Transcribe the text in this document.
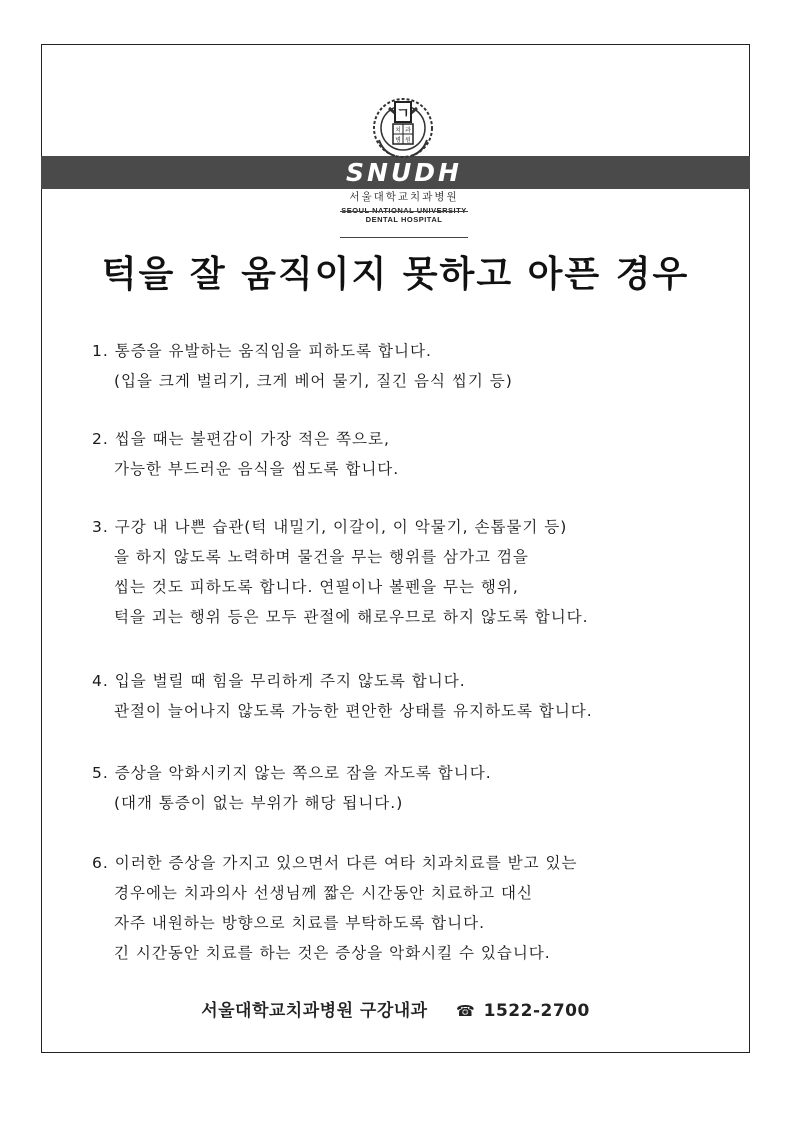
ㄱ
치 과
병 원
SNUDH
서울대학교치과병원
DENTAL HOSPITAL
턱을 잘 움직이지 못하고 아픈 경우
1. 통증을 유발하는 움직임을 피하도록 합니다.
(입을 크게 벌리기, 크게 베어 물기, 질긴 음식 씹기 등)
2. 씹을 때는 불편감이 가장 적은 쪽으로,
가능한 부드러운 음식을 씹도록 합니다.
3. 구강 내 나쁜 습관(턱 내밀기, 이갈이, 이 악물기, 손톱물기 등)
을 하지 않도록 노력하며 물건을 무는 행위를 삼가고 껌을
씹는 것도 피하도록 합니다. 연필이나 볼펜을 무는 행위,
턱을 괴는 행위 등은 모두 관절에 해로우므로 하지 않도록 합니다.
4. 입을 벌릴 때 힘을 무리하게 주지 않도록 합니다.
관절이 늘어나지 않도록 가능한 편안한 상태를 유지하도록 합니다.
5. 증상을 악화시키지 않는 쪽으로 잠을 자도록 합니다.
(대개 통증이 없는 부위가 해당 됩니다.)
6. 이러한 증상을 가지고 있으면서 다른 여타 치과치료를 받고 있는
경우에는 치과의사 선생님께 짧은 시간동안 치료하고 대신
자주 내원하는 방향으로 치료를 부탁하도록 합니다.
긴 시간동안 치료를 하는 것은 증상을 악화시킬 수 있습니다.
서울대학교치과병원 구강내과 ☎ 1522-2700
